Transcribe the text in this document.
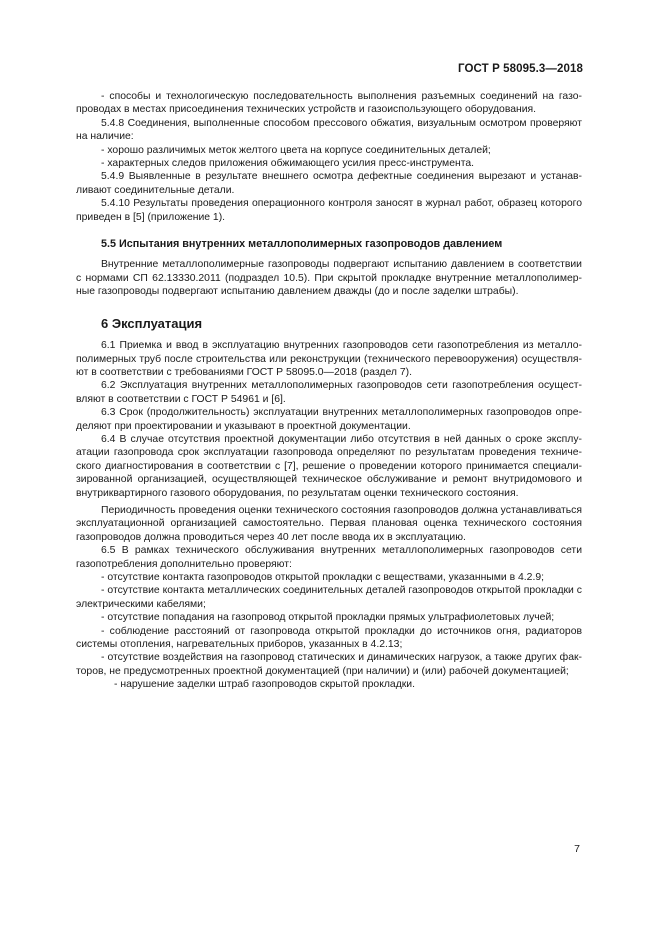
ГОСТ Р 58095.3—2018

- способы и технологическую последовательность выполнения разъемных соединений на газопроводах в местах присоединения технических устройств и газоиспользующего оборудования.

5.4.8 Соединения, выполненные способом прессового обжатия, визуальным осмотром проверяют на наличие:

- хорошо различимых меток желтого цвета на корпусе соединительных деталей;

- характерных следов приложения обжимающего усилия пресс-инструмента.

5.4.9 Выявленные в результате внешнего осмотра дефектные соединения вырезают и устанавливают соединительные детали.

5.4.10 Результаты проведения операционного контроля заносят в журнал работ, образец которого приведен в [5] (приложение 1).

5.5 Испытания внутренних металлополимерных газопроводов давлением

Внутренние металлополимерные газопроводы подвергают испытанию давлением в соответствии с нормами СП 62.13330.2011 (подраздел 10.5). При скрытой прокладке внутренние металлополимерные газопроводы подвергают испытанию давлением дважды (до и после заделки штрабы).

6 Эксплуатация

6.1 Приемка и ввод в эксплуатацию внутренних газопроводов сети газопотребления из металлополимерных труб после строительства или реконструкции (технического перевооружения) осуществляют в соответствии с требованиями ГОСТ Р 58095.0—2018 (раздел 7).

6.2 Эксплуатация внутренних металлополимерных газопроводов сети газопотребления осуществляют в соответствии с ГОСТ Р 54961 и [6].

6.3 Срок (продолжительность) эксплуатации внутренних металлополимерных газопроводов определяют при проектировании и указывают в проектной документации.

6.4 В случае отсутствия проектной документации либо отсутствия в ней данных о сроке эксплуатации газопровода срок эксплуатации газопровода определяют по результатам проведения технического диагностирования в соответствии с [7], решение о проведении которого принимается специализированной организацией, осуществляющей техническое обслуживание и ремонт внутридомового и внутриквартирного газового оборудования, по результатам оценки технического состояния.

Периодичность проведения оценки технического состояния газопроводов должна устанавливаться эксплуатационной организацией самостоятельно. Первая плановая оценка технического состояния газопроводов должна проводиться через 40 лет после ввода их в эксплуатацию.

6.5 В рамках технического обслуживания внутренних металлополимерных газопроводов сети газопотребления дополнительно проверяют:

- отсутствие контакта газопроводов открытой прокладки с веществами, указанными в 4.2.9;

- отсутствие контакта металлических соединительных деталей газопроводов открытой прокладки с электрическими кабелями;

- отсутствие попадания на газопровод открытой прокладки прямых ультрафиолетовых лучей;

- соблюдение расстояний от газопровода открытой прокладки до источников огня, радиаторов системы отопления, нагревательных приборов, указанных в 4.2.13;

- отсутствие воздействия на газопровод статических и динамических нагрузок, а также других факторов, не предусмотренных проектной документацией (при наличии) и (или) рабочей документацией;

- нарушение заделки штраб газопроводов скрытой прокладки.

7
